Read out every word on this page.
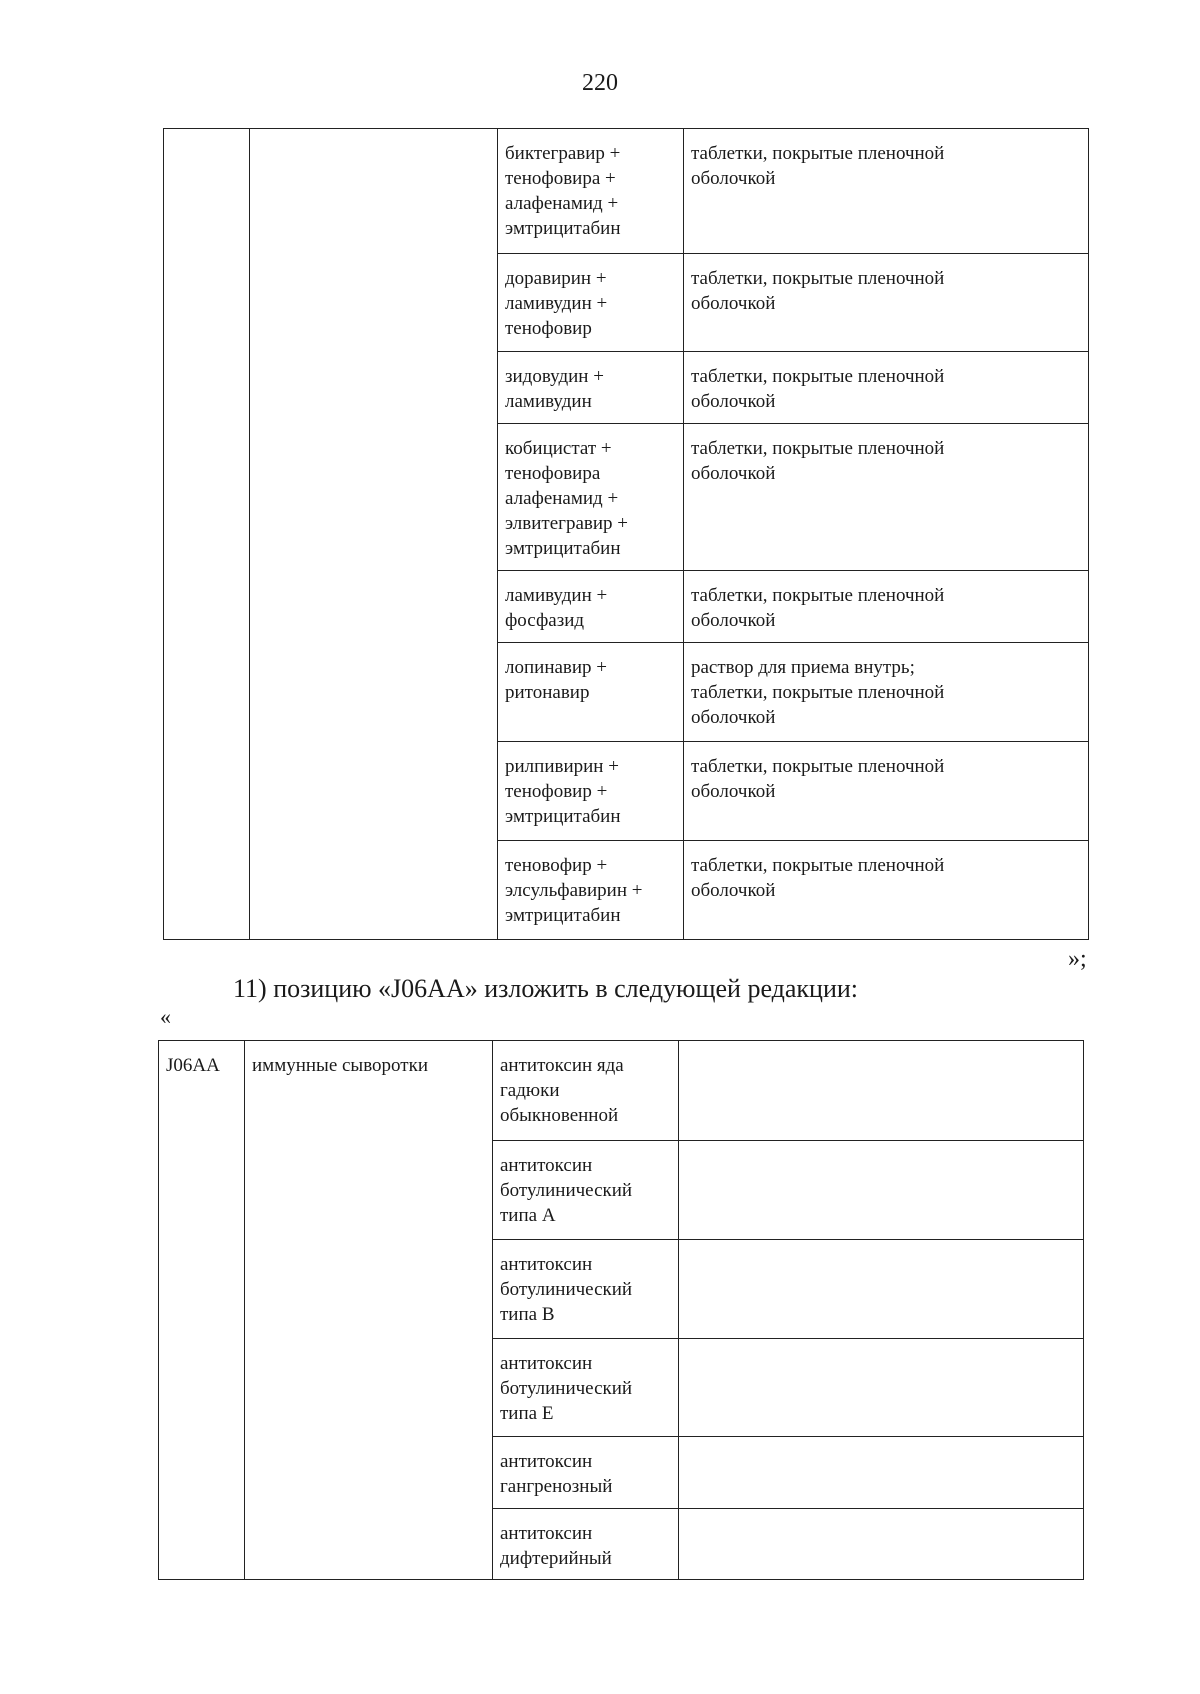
220
биктегравир +
тенофовира +
алафенамид +
эмтрицитабин
таблетки, покрытые пленочной
оболочкой
доравирин +
ламивудин +
тенофовир
таблетки, покрытые пленочной
оболочкой
зидовудин +
ламивудин
таблетки, покрытые пленочной
оболочкой
кобицистат +
тенофовира
алафенамид +
элвитегравир +
эмтрицитабин
таблетки, покрытые пленочной
оболочкой
ламивудин +
фосфазид
таблетки, покрытые пленочной
оболочкой
лопинавир +
ритонавир
раствор для приема внутрь;
таблетки, покрытые пленочной
оболочкой
рилпивирин +
тенофовир +
эмтрицитабин
таблетки, покрытые пленочной
оболочкой
теновофир +
элсульфавирин +
эмтрицитабин
таблетки, покрытые пленочной
оболочкой
»;
11) позицию «J06AA» изложить в следующей редакции:
«
J06AA иммунные сыворотки	антитоксин яда
гадюки
обыкновенной
антитоксин
ботулинический
типа А
антитоксин
ботулинический
типа В
антитоксин
ботулинический
типа Е
антитоксин
гангренозный
антитоксин
дифтерийный
